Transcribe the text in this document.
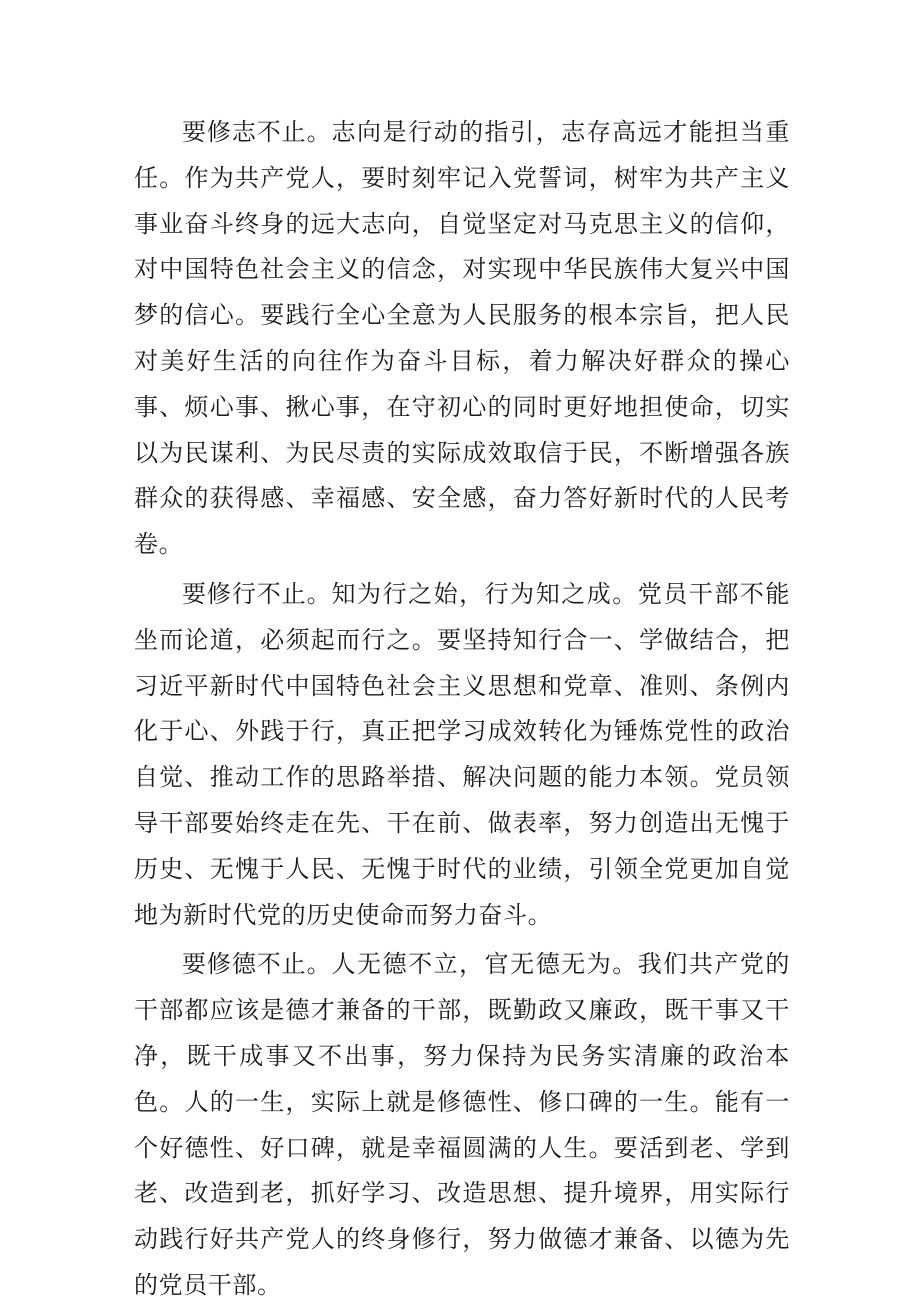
要修志不止。志向是行动的指引，志存高远才能担当重任。作为共产党人，要时刻牢记入党誓词，树牢为共产主义事业奋斗终身的远大志向，自觉坚定对马克思主义的信仰，对中国特色社会主义的信念，对实现中华民族伟大复兴中国梦的信心。要践行全心全意为人民服务的根本宗旨，把人民对美好生活的向往作为奋斗目标，着力解决好群众的操心事、烦心事、揪心事，在守初心的同时更好地担使命，切实以为民谋利、为民尽责的实际成效取信于民，不断增强各族群众的获得感、幸福感、安全感，奋力答好新时代的人民考卷。

要修行不止。知为行之始，行为知之成。党员干部不能坐而论道，必须起而行之。要坚持知行合一、学做结合，把习近平新时代中国特色社会主义思想和党章、准则、条例内化于心、外践于行，真正把学习成效转化为锤炼党性的政治自觉、推动工作的思路举措、解决问题的能力本领。党员领导干部要始终走在先、干在前、做表率，努力创造出无愧于历史、无愧于人民、无愧于时代的业绩，引领全党更加自觉地为新时代党的历史使命而努力奋斗。

要修德不止。人无德不立，官无德无为。我们共产党的干部都应该是德才兼备的干部，既勤政又廉政，既干事又干净，既干成事又不出事，努力保持为民务实清廉的政治本色。人的一生，实际上就是修德性、修口碑的一生。能有一个好德性、好口碑，就是幸福圆满的人生。要活到老、学到老、改造到老，抓好学习、改造思想、提升境界，用实际行动践行好共产党人的终身修行，努力做德才兼备、以德为先的党员干部。
